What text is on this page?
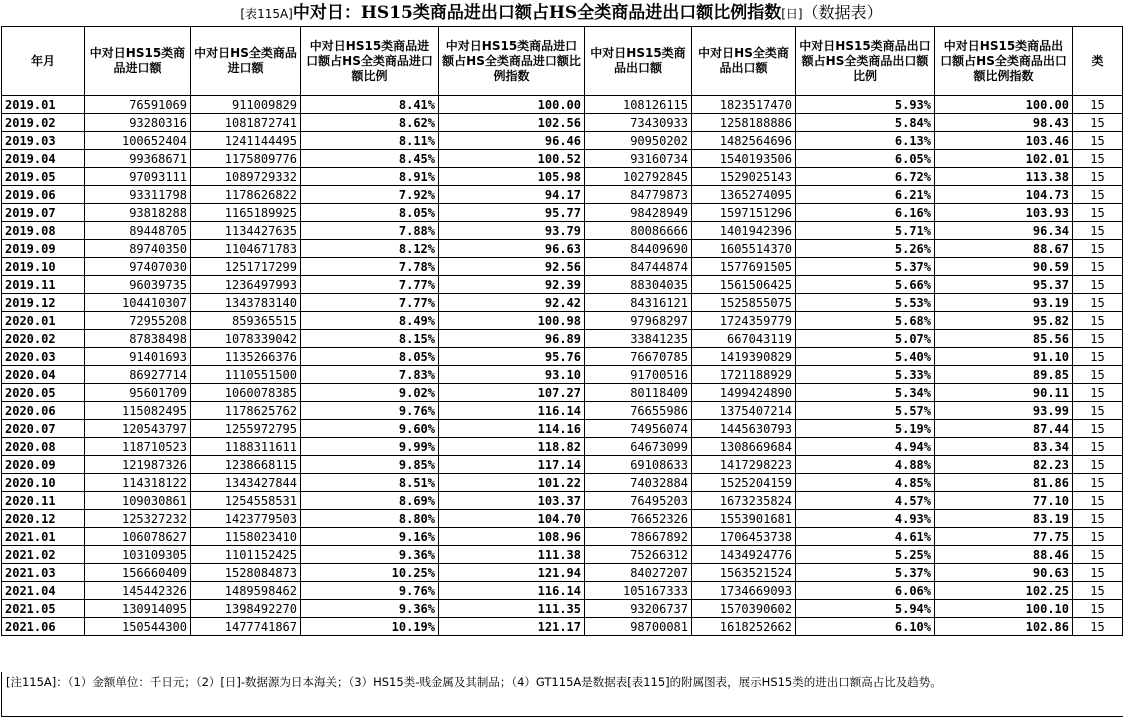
[表115A]中对日：HS15类商品进出口额占HS全类商品进出口额比例指数[日]（数据表）
年月	中对日HS15类商品进口额	中对日HS全类商品进口额	中对日HS15类商品进口额占HS全类商品进口额比例	中对日HS15类商品进口额占HS全类商品进口额比例指数	中对日HS15类商品出口额	中对日HS全类商品出口额	中对日HS15类商品出口额占HS全类商品出口额比例	中对日HS15类商品出口额占HS全类商品出口额比例指数	类
2019.01	76591069	911009829	8.41%	100.00	108126115	1823517470	5.93%	100.00	15
2019.02	93280316	1081872741	8.62%	102.56	73430933	1258188886	5.84%	98.43	15
2019.03	100652404	1241144495	8.11%	96.46	90950202	1482564696	6.13%	103.46	15
2019.04	99368671	1175809776	8.45%	100.52	93160734	1540193506	6.05%	102.01	15
2019.05	97093111	1089729332	8.91%	105.98	102792845	1529025143	6.72%	113.38	15
2019.06	93311798	1178626822	7.92%	94.17	84779873	1365274095	6.21%	104.73	15
2019.07	93818288	1165189925	8.05%	95.77	98428949	1597151296	6.16%	103.93	15
2019.08	89448705	1134427635	7.88%	93.79	80086666	1401942396	5.71%	96.34	15
2019.09	89740350	1104671783	8.12%	96.63	84409690	1605514370	5.26%	88.67	15
2019.10	97407030	1251717299	7.78%	92.56	84744874	1577691505	5.37%	90.59	15
2019.11	96039735	1236497993	7.77%	92.39	88304035	1561506425	5.66%	95.37	15
2019.12	104410307	1343783140	7.77%	92.42	84316121	1525855075	5.53%	93.19	15
2020.01	72955208	859365515	8.49%	100.98	97968297	1724359779	5.68%	95.82	15
2020.02	87838498	1078339042	8.15%	96.89	33841235	667043119	5.07%	85.56	15
2020.03	91401693	1135266376	8.05%	95.76	76670785	1419390829	5.40%	91.10	15
2020.04	86927714	1110551500	7.83%	93.10	91700516	1721188929	5.33%	89.85	15
2020.05	95601709	1060078385	9.02%	107.27	80118409	1499424890	5.34%	90.11	15
2020.06	115082495	1178625762	9.76%	116.14	76655986	1375407214	5.57%	93.99	15
2020.07	120543797	1255972795	9.60%	114.16	74956074	1445630793	5.19%	87.44	15
2020.08	118710523	1188311611	9.99%	118.82	64673099	1308669684	4.94%	83.34	15
2020.09	121987326	1238668115	9.85%	117.14	69108633	1417298223	4.88%	82.23	15
2020.10	114318122	1343427844	8.51%	101.22	74032884	1525204159	4.85%	81.86	15
2020.11	109030861	1254558531	8.69%	103.37	76495203	1673235824	4.57%	77.10	15
2020.12	125327232	1423779503	8.80%	104.70	76652326	1553901681	4.93%	83.19	15
2021.01	106078627	1158023410	9.16%	108.96	78667892	1706453738	4.61%	77.75	15
2021.02	103109305	1101152425	9.36%	111.38	75266312	1434924776	5.25%	88.46	15
2021.03	156660409	1528084873	10.25%	121.94	84027207	1563521524	5.37%	90.63	15
2021.04	145442326	1489598462	9.76%	116.14	105167333	1734669093	6.06%	102.25	15
2021.05	130914095	1398492270	9.36%	111.35	93206737	1570390602	5.94%	100.10	15
2021.06	150544300	1477741867	10.19%	121.17	98700081	1618252662	6.10%	102.86	15
[注115A]：（1）金额单位：千日元；（2）[日]-数据源为日本海关；（3）HS15类-贱金属及其制品；（4）GT115A是数据表[表115]的附属图表，展示HS15类的进出口额高占比及趋势。
